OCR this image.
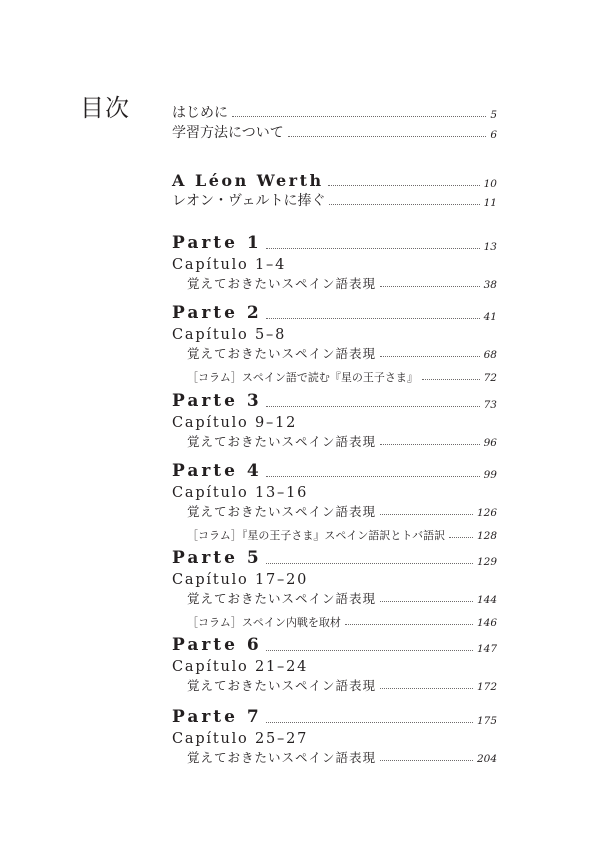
目次	はじめに	5
学習方法について	6
A Léon Werth	10
レオン・ヴェルトに捧ぐ	11
Parte 1	13
Capítulo 1–4
覚えておきたいスペイン語表現	38
Parte 2	41
Capítulo 5–8
覚えておきたいスペイン語表現	68
［コラム］スペイン語で読む『星の王子さま』	72
Parte 3	73
Capítulo 9–12
覚えておきたいスペイン語表現	96
Parte 4	99
Capítulo 13–16
覚えておきたいスペイン語表現	126
［コラム］『星の王子さま』スペイン語訳とトバ語訳	128
Parte 5	129
Capítulo 17–20
覚えておきたいスペイン語表現	144
［コラム］スペイン内戦を取材	146
Parte 6	147
Capítulo 21–24
覚えておきたいスペイン語表現	172
Parte 7	175
Capítulo 25–27
覚えておきたいスペイン語表現	204
